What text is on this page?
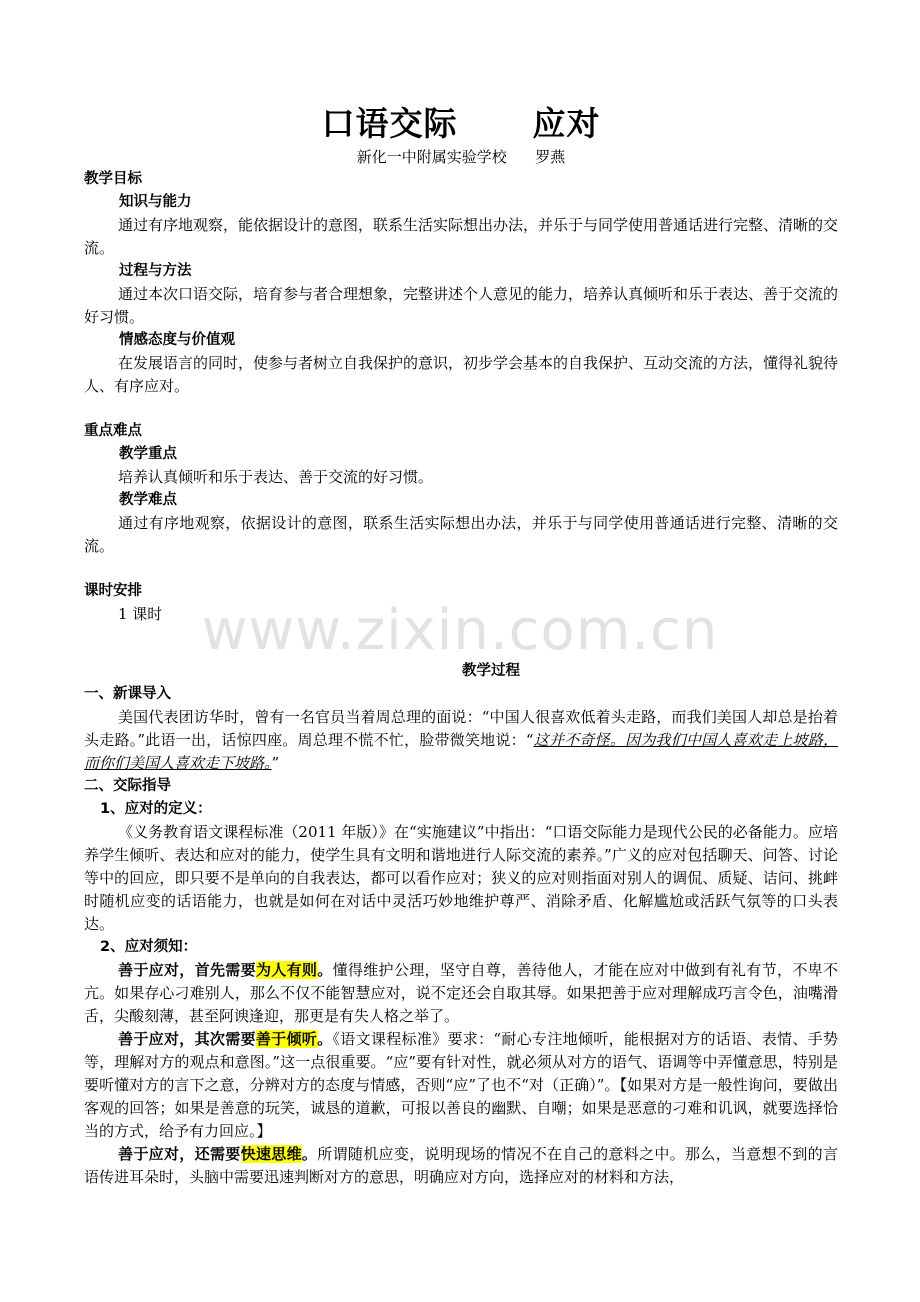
口语交际      应对
新化一中附属实验学校      罗燕
教学目标
知识与能力

通过有序地观察，能依据设计的意图，联系生活实际想出办法，并乐于与同学使用普通话进行完整、清晰的交流。

过程与方法

通过本次口语交际，培育参与者合理想象，完整讲述个人意见的能力，培养认真倾听和乐于表达、善于交流的好习惯。

情感态度与价值观

在发展语言的同时，使参与者树立自我保护的意识，初步学会基本的自我保护、互动交流的方法，懂得礼貌待人、有序应对。

重点难点
教学重点

培养认真倾听和乐于表达、善于交流的好习惯。

教学难点

通过有序地观察，依据设计的意图，联系生活实际想出办法，并乐于与同学使用普通话进行完整、清晰的交流。

课时安排
1 课时
教学过程
一、新课导入

美国代表团访华时，曾有一名官员当着周总理的面说：“中国人很喜欢低着头走路，而我们美国人却总是抬着头走路。”此语一出，话惊四座。周总理不慌不忙，脸带微笑地说：“这并不奇怪。因为我们中国人喜欢走上坡路，而你们美国人喜欢走下坡路。”

二、交际指导
1、应对的定义：

《义务教育语文课程标准（2011 年版）》在“实施建议”中指出：“口语交际能力是现代公民的必备能力。应培养学生倾听、表达和应对的能力，使学生具有文明和谐地进行人际交流的素养。”广义的应对包括聊天、问答、讨论等中的回应，即只要不是单向的自我表达，都可以看作应对；狭义的应对则指面对别人的调侃、质疑、诘问、挑衅时随机应变的话语能力，也就是如何在对话中灵活巧妙地维护尊严、消除矛盾、化解尴尬或活跃气氛等的口头表达。

2、应对须知：

善于应对，首先需要为人有则。懂得维护公理，坚守自尊，善待他人，才能在应对中做到有礼有节，不卑不亢。如果存心刁难别人，那么不仅不能智慧应对，说不定还会自取其辱。如果把善于应对理解成巧言令色，油嘴滑舌，尖酸刻薄，甚至阿谀逢迎，那更是有失人格之举了。

善于应对，其次需要善于倾听。《语文课程标准》要求：“耐心专注地倾听，能根据对方的话语、表情、手势等，理解对方的观点和意图。”这一点很重要。“应”要有针对性，就必须从对方的语气、语调等中弄懂意思，特别是要听懂对方的言下之意，分辨对方的态度与情感，否则“应”了也不“对（正确）”。【如果对方是一般性询问，要做出客观的回答；如果是善意的玩笑，诚恳的道歉，可报以善良的幽默、自嘲；如果是恶意的刁难和讥讽，就要选择恰当的方式，给予有力回应。】

善于应对，还需要快速思维。所谓随机应变，说明现场的情况不在自己的意料之中。那么，当意想不到的言语传进耳朵时，头脑中需要迅速判断对方的意思，明确应对方向，选择应对的材料和方法，

www.zixin.com.cn
